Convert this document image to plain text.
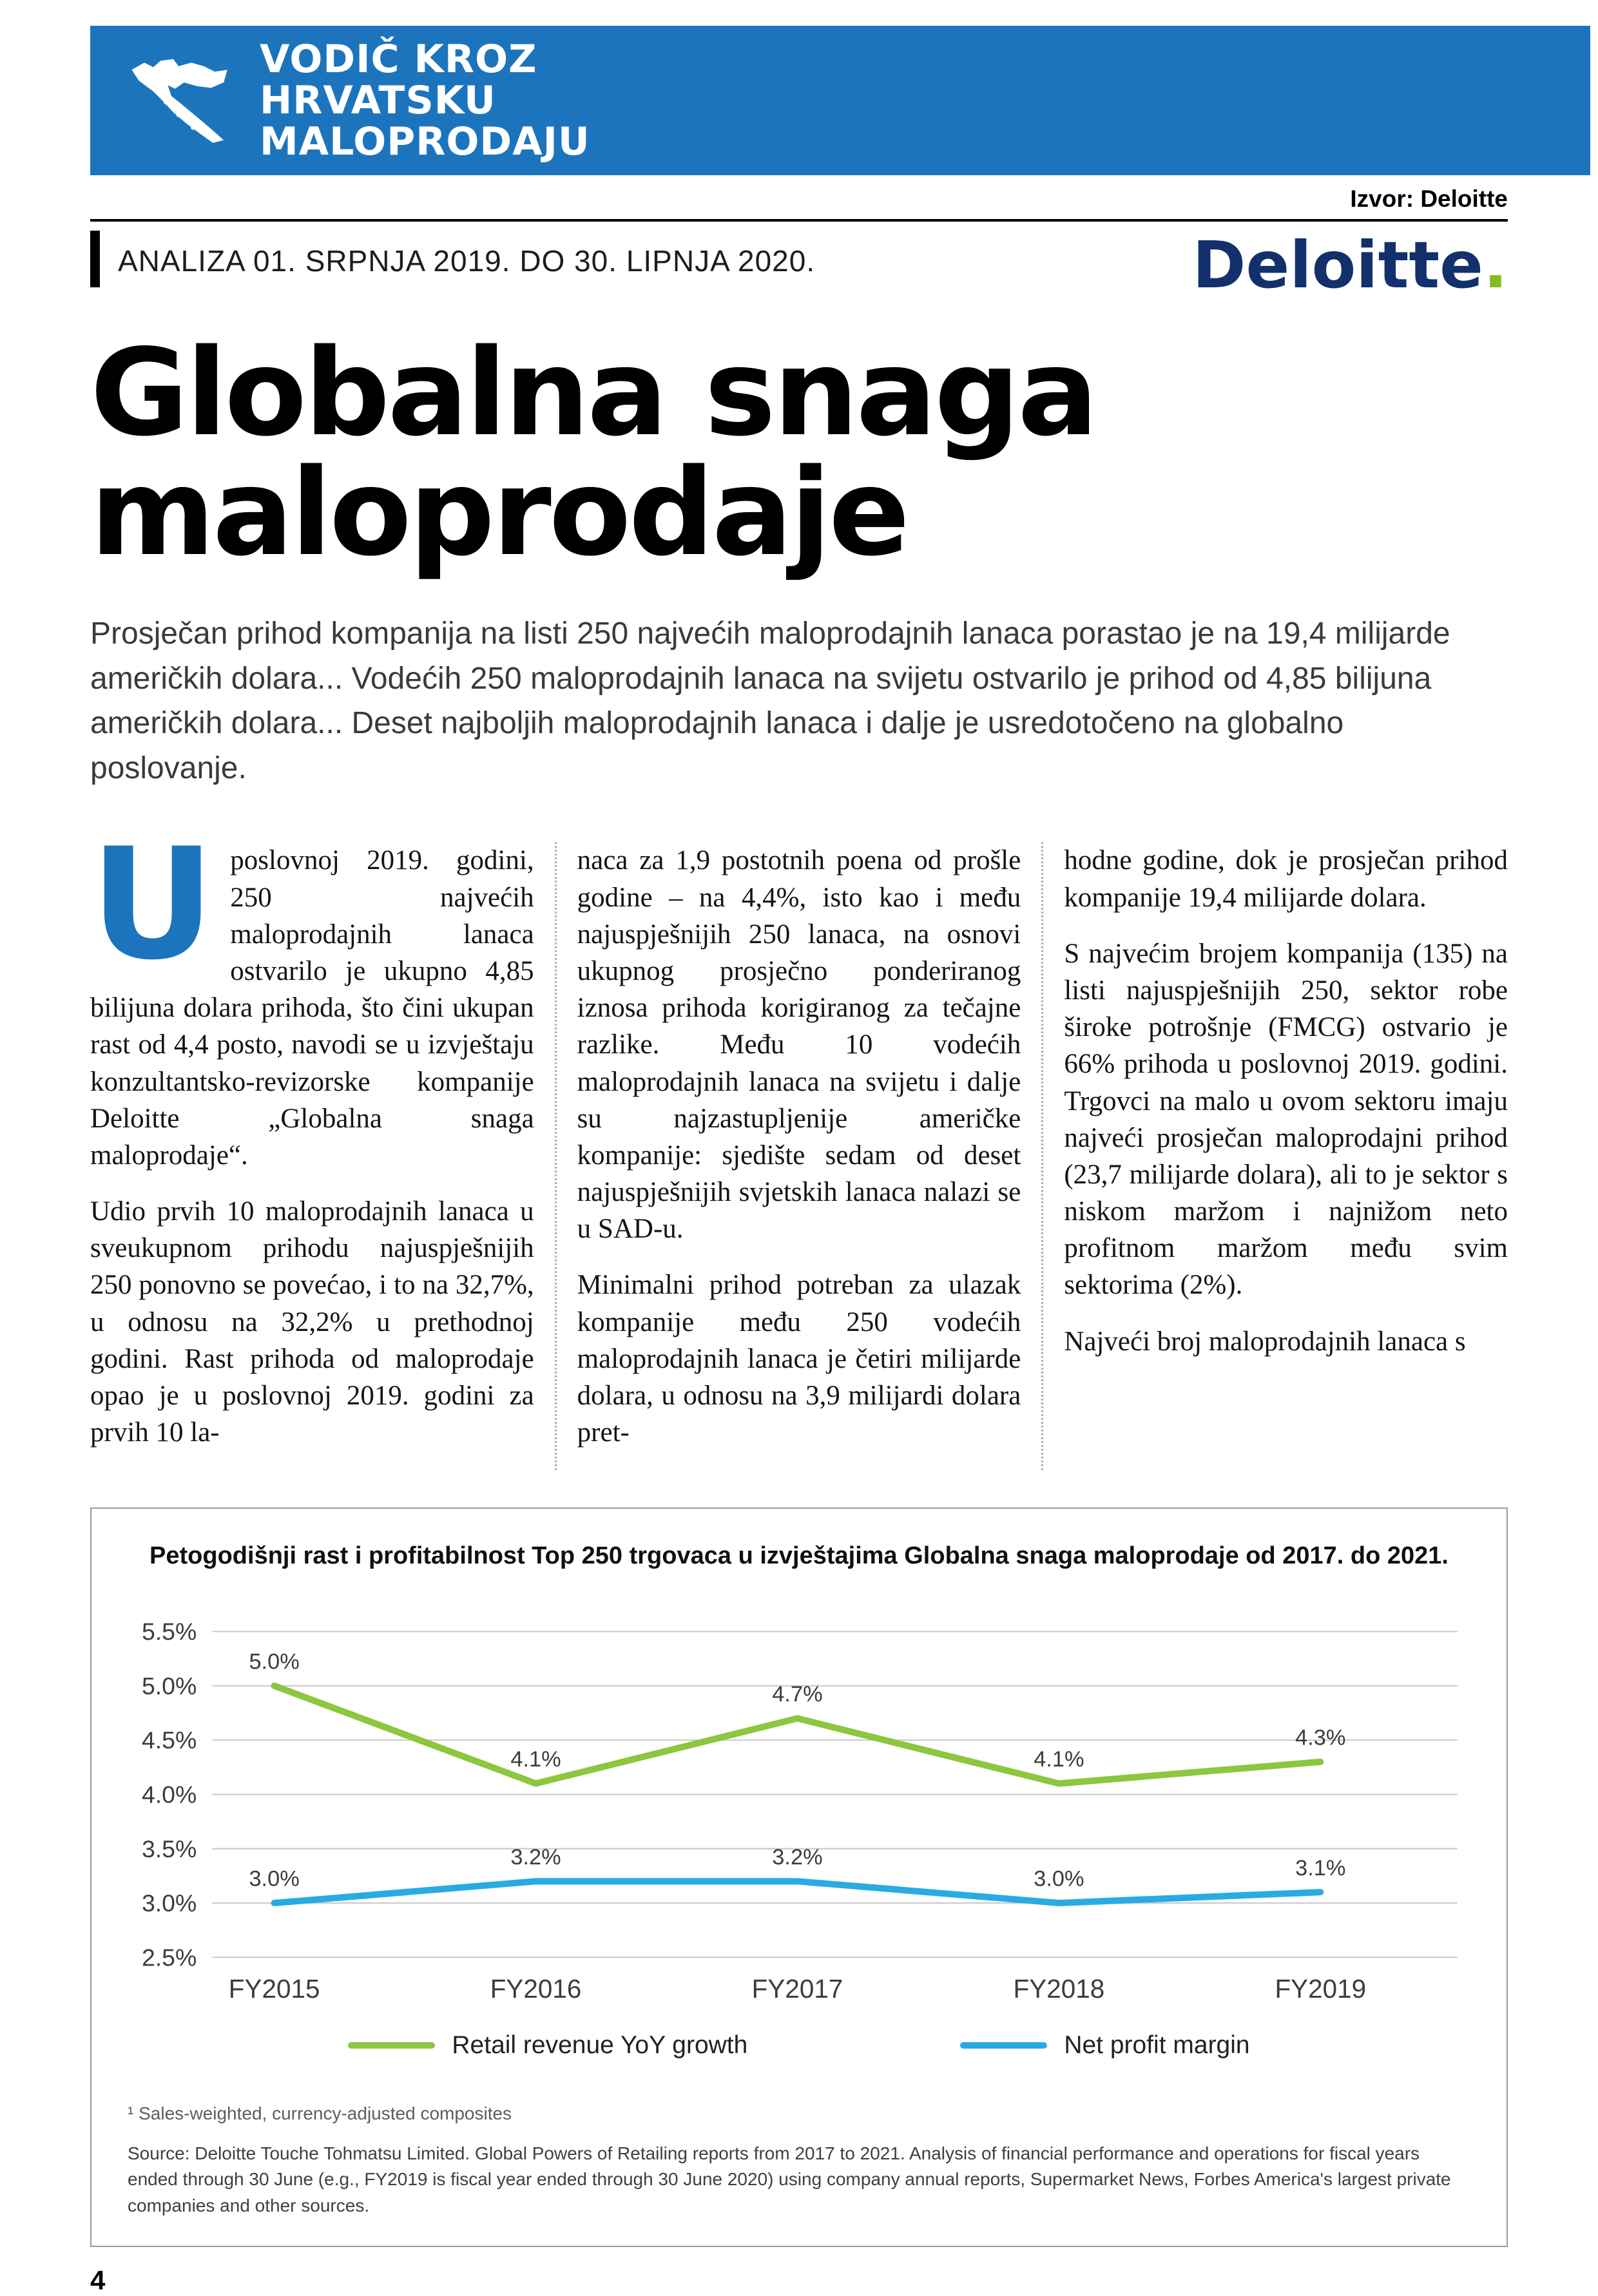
VODIČ KROZ
HRVATSKU
MALOPRODAJU
Izvor: Deloitte
ANALIZA 01. SRPNJA 2019. DO 30. LIPNJA 2020.	Deloitte.
Globalna snaga
maloprodaje

Prosječan prihod kompanija na listi 250 najvećih maloprodajnih lanaca porastao je na 19,4 milijarde američkih dolara... Vodećih 250 maloprodajnih lanaca na svijetu ostvarilo je prihod od 4,85 bilijuna američkih dolara... Deset najboljih maloprodajnih lanaca i dalje je usredotočeno na globalno poslovanje.

Uposlovnoj 2019. godini, 250 najvećih maloprodajnih lanaca ostvarilo je ukupno 4,85 bilijuna dolara prihoda, što čini ukupan rast od 4,4 posto, navodi se u izvještaju konzultantsko-revizorske kompanije Deloitte „Globalna snaga maloprodaje“.

Udio prvih 10 maloprodajnih lanaca u sveukupnom prihodu najuspješnijih 250 ponovno se povećao, i to na 32,7%, u odnosu na 32,2% u prethodnoj godini. Rast prihoda od maloprodaje opao je u poslovnoj 2019. godini za prvih 10 la-

naca za 1,9 postotnih poena od prošle godine – na 4,4%, isto kao i među najuspješnijih 250 lanaca, na osnovi ukupnog prosječno ponderiranog iznosa prihoda korigiranog za tečajne razlike. Među 10 vodećih maloprodajnih lanaca na svijetu i dalje su najzastupljenije američke kompanije: sjedište sedam od deset najuspješnijih svjetskih lanaca nalazi se u SAD-u.

Minimalni prihod potreban za ulazak kompanije među 250 vodećih maloprodajnih lanaca je četiri milijarde dolara, u odnosu na 3,9 milijardi dolara pret-

hodne godine, dok je prosječan prihod kompanije 19,4 milijarde dolara.

S najvećim brojem kompanija (135) na listi najuspješnijih 250, sektor robe široke potrošnje (FMCG) ostvario je 66% prihoda u poslovnoj 2019. godini. Trgovci na malo u ovom sektoru imaju najveći prosječan maloprodajni prihod (23,7 milijarde dolara), ali to je sektor s niskom maržom i najnižom neto profitnom maržom među svim sektorima (2%).

Najveći broj maloprodajnih lanaca s

Petogodišnji rast i profitabilnost Top 250 trgovaca u izvještajima Globalna snaga maloprodaje od 2017. do 2021.
2.5%
3.0%
3.5%
4.0%
4.5%
5.0%
5.5%
FY2015	FY2016	FY2017	FY2018	FY2019
5.0%
4.1%
4.7%
4.1%
4.3%
3.0%
3.2%	3.2%
3.0%	3.1%
Retail revenue YoY growth	Net profit margin
¹ Sales-weighted, currency-adjusted composites
Source: Deloitte Touche Tohmatsu Limited. Global Powers of Retailing reports from 2017 to 2021. Analysis of financial performance and operations for fiscal years ended through 30 June (e.g., FY2019 is fiscal year ended through 30 June 2020) using company annual reports, Supermarket News, Forbes America's largest private companies and other sources.
4
